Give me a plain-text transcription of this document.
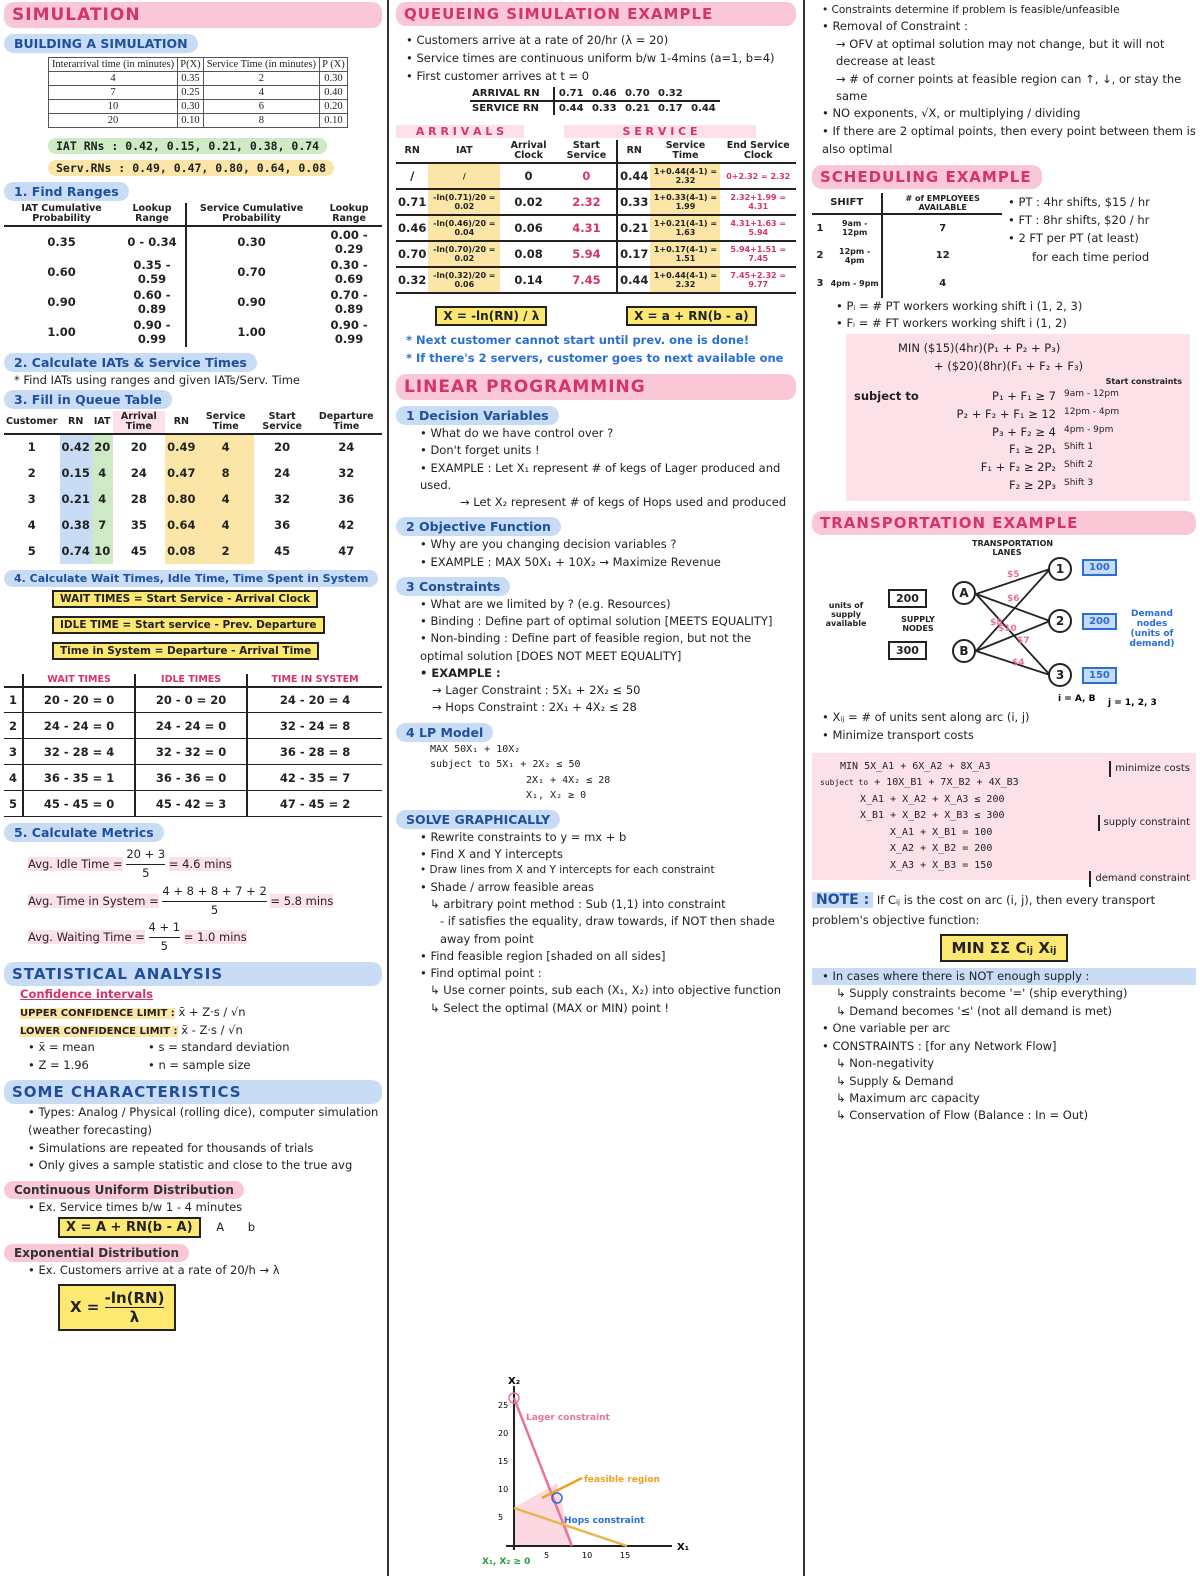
SIMULATION
BUILDING A SIMULATION
Interarrival time (in minutes)	P(X)	Service Time (in minutes)	P (X)
4	0.35	2	0.30
7	0.25	4	0.40
10	0.30	6	0.20
20	0.10	8	0.10
IAT RNs : 0.42, 0.15, 0.21, 0.38, 0.74
Serv.RNs : 0.49, 0.47, 0.80, 0.64, 0.08
1. Find Ranges
IAT Cumulative Probability	Lookup Range	Service Cumulative Probability	Lookup Range
0.35	0 - 0.34	0.30	0.00 - 0.29
0.60	0.35 - 0.59	0.70	0.30 - 0.69
0.90	0.60 - 0.89	0.90	0.70 - 0.89
1.00	0.90 - 0.99	1.00	0.90 - 0.99
2. Calculate IATs & Service Times
* Find IATs using ranges and given IATs/Serv. Time
3. Fill in Queue Table
Customer	RN	IAT	Arrival Time	RN	Service Time	Start Service	Departure Time
1	0.42	20	20	0.49	4	20	24
2	0.15	4	24	0.47	8	24	32
3	0.21	4	28	0.80	4	32	36
4	0.38	7	35	0.64	4	36	42
5	0.74	10	45	0.08	2	45	47
4. Calculate Wait Times, Idle Time, Time Spent in System
WAIT TIMES = Start Service - Arrival Clock
IDLE TIME = Start service - Prev. Departure
Time in System = Departure - Arrival Time
	WAIT TIMES	IDLE TIMES	TIME IN SYSTEM
1	20 - 20 = 0	20 - 0 = 20	24 - 20 = 4
2	24 - 24 = 0	24 - 24 = 0	32 - 24 = 8
3	32 - 28 = 4	32 - 32 = 0	36 - 28 = 8
4	36 - 35 = 1	36 - 36 = 0	42 - 35 = 7
5	45 - 45 = 0	45 - 42 = 3	47 - 45 = 2
5. Calculate Metrics
Avg. Idle Time = $\frac{20 + 3}{5} = 4.6$ mins
Avg. Time in System = $\frac{4 + 8 + 8 + 7 + 2}{5} = 5.8$ mins
Avg. Waiting Time = $\frac{4 + 1}{5} = 1.0$ mins
STATISTICAL ANALYSIS
Confidence intervals
UPPER CONFIDENCE LIMIT : x̄ + Z·s / √n
LOWER CONFIDENCE LIMIT : x̄ - Z·s / √n
• x̄ = mean	• s = standard deviation
• Z = 1.96	• n = sample size
SOME CHARACTERISTICS
• Types: Analog / Physical (rolling dice), computer simulation (weather forecasting)
• Simulations are repeated for thousands of trials
• Only gives a sample statistic and close to the true avg
Continuous Uniform Distribution
• Ex. Service times b/w 1 - 4 minutes
X = A + RN(b - A) A b
Exponential Distribution
• Ex. Customers arrive at a rate of 20/h → λ
$X = \frac{-\ln(RN)}{\lambda}$
QUEUEING SIMULATION EXAMPLE
• Customers arrive at a rate of 20/hr (λ = 20)
• Service times are continuous uniform b/w 1-4mins (a=1, b=4)
• First customer arrives at t = 0
ARRIVAL RN	0.71	0.46	0.70	0.32	
SERVICE RN	0.44	0.33	0.21	0.17	0.44
A R R I V A L S	S E R V I C E
RN	IAT	Arrival Clock	Start Service	RN	Service Time	End Service Clock
/	/	0	0	0.44	1+0.44(4-1) = 2.32	0+2.32 = 2.32
0.71	-ln(0.71)/20 = 0.02	0.02	2.32	0.33	1+0.33(4-1) = 1.99	2.32+1.99 = 4.31
0.46	-ln(0.46)/20 = 0.04	0.06	4.31	0.21	1+0.21(4-1) = 1.63	4.31+1.63 = 5.94
0.70	-ln(0.70)/20 = 0.02	0.08	5.94	0.17	1+0.17(4-1) = 1.51	5.94+1.51 = 7.45
0.32	-ln(0.32)/20 = 0.06	0.14	7.45	0.44	1+0.44(4-1) = 2.32	7.45+2.32 = 9.77
X = -ln(RN) / λ	X = a + RN(b - a)
* Next customer cannot start until prev. one is done!
* If there's 2 servers, customer goes to next available one
LINEAR PROGRAMMING
1 Decision Variables
• What do we have control over ?
• Don't forget units !
• EXAMPLE : Let X₁ represent # of kegs of Lager produced and used.
→ Let X₂ represent # of kegs of Hops used and produced
2 Objective Function
• Why are you changing decision variables ?
• EXAMPLE : MAX 50X₁ + 10X₂ → Maximize Revenue
3 Constraints
• What are we limited by ? (e.g. Resources)
• Binding : Define part of optimal solution [MEETS EQUALITY]
• Non-binding : Define part of feasible region, but not the optimal solution [DOES NOT MEET EQUALITY]
• EXAMPLE :
→ Lager Constraint : 5X₁ + 2X₂ ≤ 50
→ Hops Constraint : 2X₁ + 4X₂ ≤ 28
4 LP Model
MAX 50X₁ + 10X₂
subject to 5X₁ + 2X₂ ≤ 50
2X₁ + 4X₂ ≤ 28
X₁, X₂ ≥ 0
SOLVE GRAPHICALLY
• Rewrite constraints to y = mx + b
• Find X and Y intercepts
• Draw lines from X and Y intercepts for each constraint
• Shade / arrow feasible areas
↳ arbitrary point method : Sub (1,1) into constraint
- if satisfies the equality, draw towards, if NOT then shade away from point
• Find feasible region [shaded on all sides]
• Find optimal point :
↳ Use corner points, sub each (X₁, X₂) into objective function
↳ Select the optimal (MAX or MIN) point !
Lager constraint
feasible region
Hops constraint
X₂
X₁
X₁, X₂ ≥ 0
25
20
15
10
5
5	10	15
• Constraints determine if problem is feasible/unfeasible
• Removal of Constraint :
→ OFV at optimal solution may not change, but it will not decrease at least
→ # of corner points at feasible region can ↑, ↓, or stay the same
• NO exponents, √X, or multiplying / dividing
• If there are 2 optimal points, then every point between them is also optimal
SCHEDULING EXAMPLE
SHIFT		# of EMPLOYEES AVAILABLE
1	9am - 12pm	7
2	12pm - 4pm	12
3	4pm - 9pm	4
• PT : 4hr shifts, $15 / hr
• FT : 8hr shifts, $20 / hr
• 2 FT per PT (at least)
for each time period
• Pᵢ = # PT workers working shift i (1, 2, 3)
• Fᵢ = # FT workers working shift i (1, 2)
MIN ($15)(4hr)(P₁ + P₂ + P₃)
+ ($20)(8hr)(F₁ + F₂ + F₃)
Start constraints
subject to	P₁ + F₁ ≥ 7 9am - 12pm
P₂ + F₂ + F₁ ≥ 12 12pm - 4pm
P₃ + F₂ ≥ 4 4pm - 9pm
F₁ ≥ 2P₁ Shift 1
F₁ + F₂ ≥ 2P₂ Shift 2
F₂ ≥ 2P₃ Shift 3
TRANSPORTATION EXAMPLE
TRANSPORTATION LANES
units of supply available	SUPPLY NODES
Demand nodes (units of demand)
200
300
100
200
150
$5
$6
$8
$10
$7
$4
i = A, B j = 1, 2, 3
A
B
1
2
3
• Xᵢⱼ = # of units sent along arc (i, j)
• Minimize transport costs
MIN 5X_A1 + 6X_A2 + 8X_A3
subject to + 10X_B1 + 7X_B2 + 4X_B3
X_A1 + X_A2 + X_A3 ≤ 200
X_B1 + X_B2 + X_B3 ≤ 300
X_A1 + X_B1 = 100
X_A2 + X_B2 = 200
X_A3 + X_B3 = 150
minimize costs
supply constraint
demand constraint
NOTE : If Cᵢⱼ is the cost on arc (i, j), then every transport problem's objective function:
MIN ΣΣ Cᵢⱼ Xᵢⱼ
• In cases where there is NOT enough supply :
↳ Supply constraints become '=' (ship everything)
↳ Demand becomes '≤' (not all demand is met)
• One variable per arc
• CONSTRAINTS : [for any Network Flow]
↳ Non-negativity
↳ Supply & Demand
↳ Maximum arc capacity
↳ Conservation of Flow (Balance : In = Out)
